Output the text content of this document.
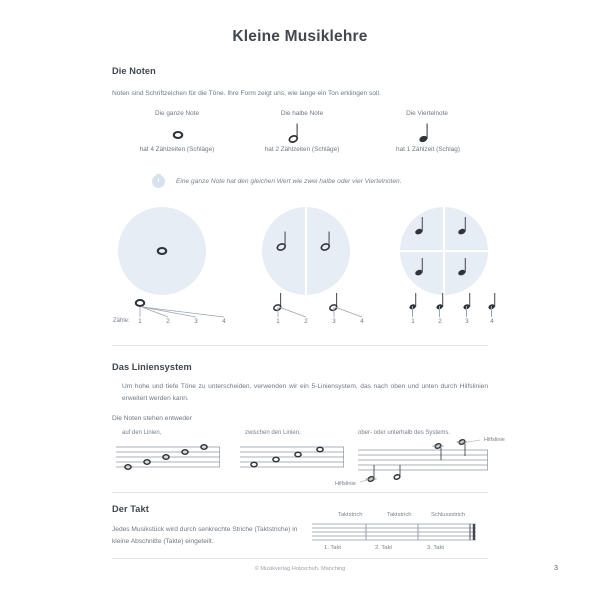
Kleine Musiklehre
Die Noten
Noten sind Schriftzeichen für die Töne. Ihre Form zeigt uns, wie lange ein Ton erklingen soll.
Die ganze Note
hat 4 Zählzeiten (Schläge)
Die halbe Note
hat 2 Zählzeiten (Schläge)
Die Viertelnote
hat 1 Zählzeit (Schlag)
Eine ganze Note hat den gleichen Wert wie zwei halbe oder vier Viertelnoten.
Zähle:	1	2	3	4	1	2	3	4	1	2	3	4
Das Liniensystem
Um hohe und tiefe Töne zu unterscheiden, verwenden wir ein 5-Liniensystem, das nach oben und unten durch Hilfslinien erweitert werden kann.
Die Noten stehen entweder
auf den Linien,	zwischen den Linien,	ober- oder unterhalb des Systems.
Hilfslinie
Hilfslinie
Der Takt
Jedes Musikstück wird durch senkrechte Striche (Taktstriche) in kleine Abschnitte (Takte) eingeteilt.
Taktstrich	Taktstrich	Schlussstrich
1. Takt	2. Takt	3. Takt
© Musikverlag Holzschuh, Manching	3
